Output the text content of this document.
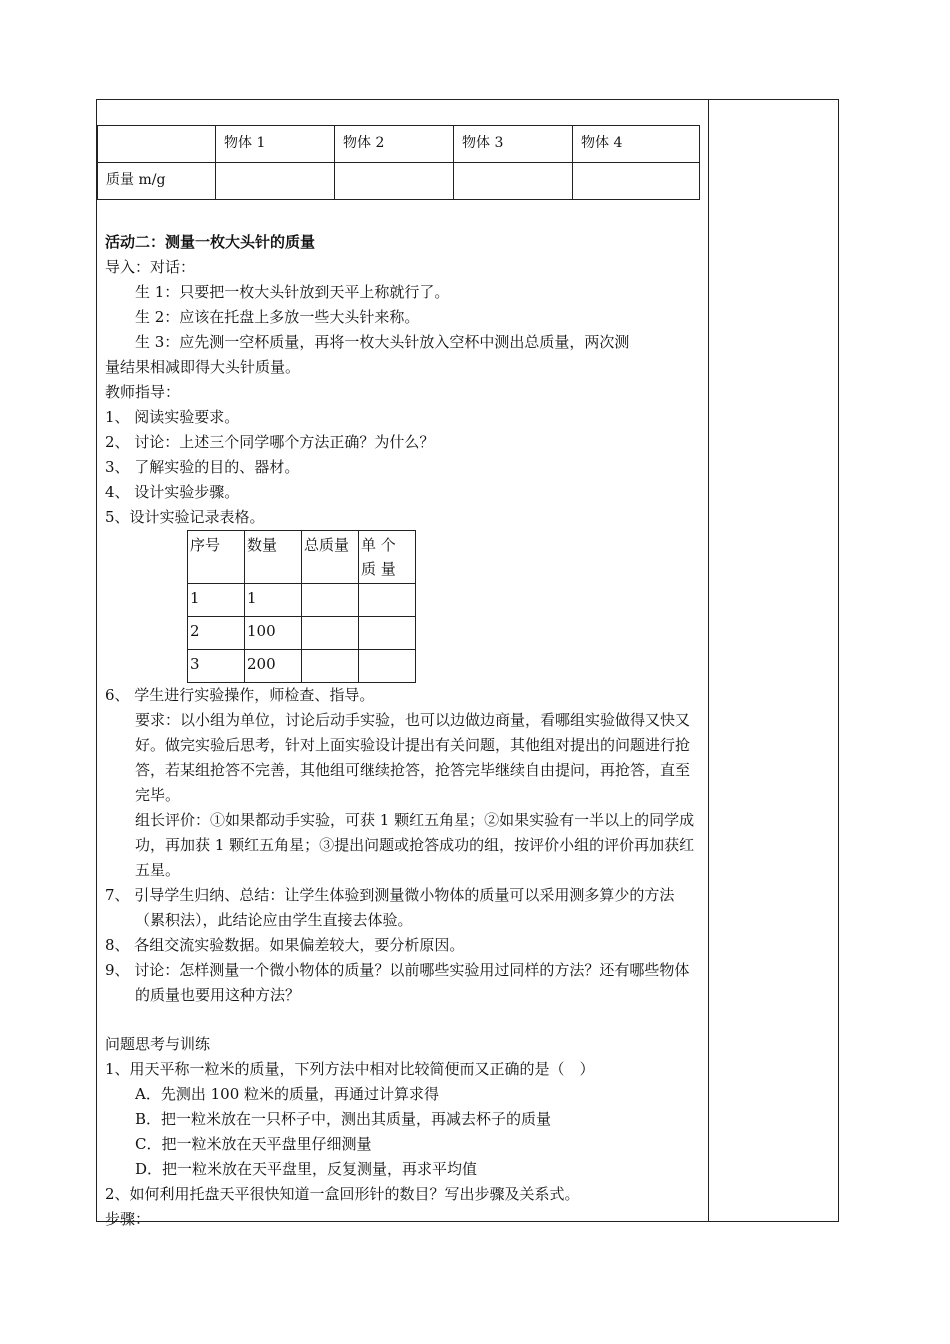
	物体 1	物体 2	物体 3	物体 4
质量 m/g				

活动二：测量一枚大头针的质量

导入：对话：

生 1：只要把一枚大头针放到天平上称就行了。

生 2：应该在托盘上多放一些大头针来称。

生 3：应先测一空杯质量，再将一枚大头针放入空杯中测出总质量，两次测

量结果相减即得大头针质量。

教师指导：

1、 阅读实验要求。

2、 讨论：上述三个同学哪个方法正确？为什么？

3、 了解实验的目的、器材。

4、 设计实验步骤。

5、设计实验记录表格。

序号	数量	总质量	单 个 质 量
1	1		
2	100		
3	200		

6、 学生进行实验操作，师检查、指导。

要求：以小组为单位，讨论后动手实验，也可以边做边商量，看哪组实验做得又快又好。做完实验后思考，针对上面实验设计提出有关问题，其他组对提出的问题进行抢答，若某组抢答不完善，其他组可继续抢答，抢答完毕继续自由提问，再抢答，直至完毕。

组长评价：①如果都动手实验，可获 1 颗红五角星；②如果实验有一半以上的同学成功，再加获 1 颗红五角星；③提出问题或抢答成功的组，按评价小组的评价再加获红五星。

7、 引导学生归纳、总结：让学生体验到测量微小物体的质量可以采用测多算少的方法（累积法），此结论应由学生直接去体验。

8、 各组交流实验数据。如果偏差较大，要分析原因。

9、 讨论：怎样测量一个微小物体的质量？以前哪些实验用过同样的方法？还有哪些物体的质量也要用这种方法？

问题思考与训练

1、用天平称一粒米的质量，下列方法中相对比较简便而又正确的是（　）

A．先测出 100 粒米的质量，再通过计算求得

B．把一粒米放在一只杯子中，测出其质量，再减去杯子的质量

C．把一粒米放在天平盘里仔细测量

D．把一粒米放在天平盘里，反复测量，再求平均值

2、如何利用托盘天平很快知道一盒回形针的数目？写出步骤及关系式。

步骤：
